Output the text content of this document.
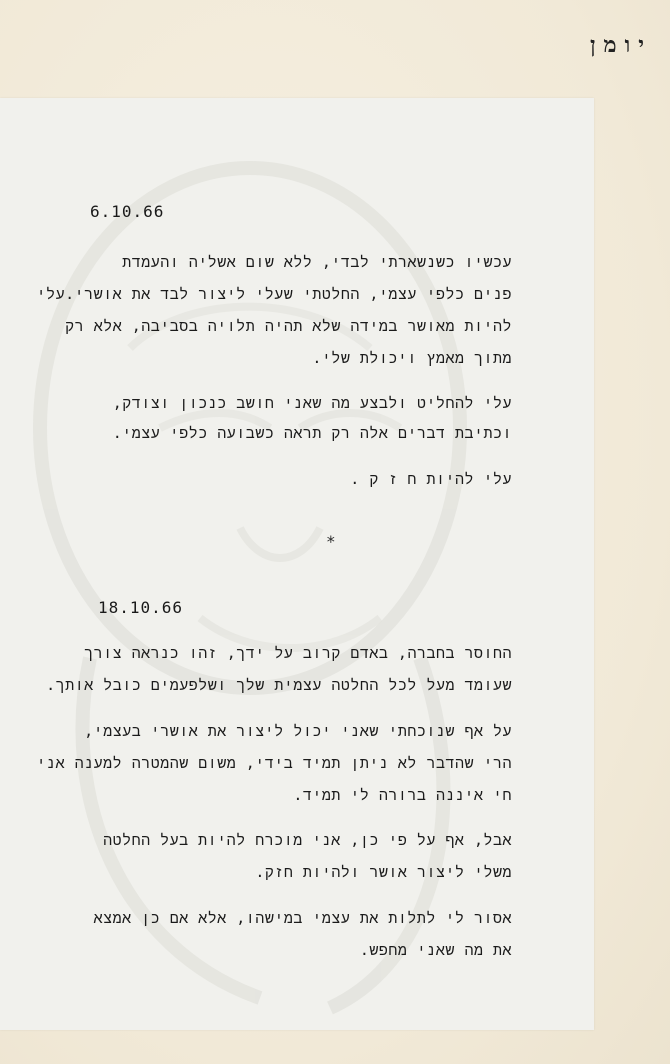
יומן
6.10.66
עכשיו כשנשארתי לבדי, ללא שום אשליה והעמדת
פנים כלפי עצמי, החלטתי שעלי ליצור לבד את אושרי.עלי
להיות מאושר במידה שלא תהיה תלויה בסביבה, אלא רק
מתוך מאמץ ויכולת שלי.
עלי להחליט ולבצע מה שאני חושב כנכון וצודק,
וכתיבת דברים אלה רק תראה כשבועה כלפי עצמי.
עלי להיות ח ז ק .
*
18.10.66
החוסר בחברה, באדם קרוב על ידך, זהו כנראה צורך
שעומד מעל לכל החלטה עצמית שלך ושלפעמים כובל אותך.
על אף שנוכחתי שאני יכול ליצור את אושרי בעצמי,
הרי שהדבר לא ניתן תמיד בידי, משום שהמטרה למענה אני
חי איננה ברורה לי תמיד.
אבל, אף על פי כן, אני מוכרח להיות בעל החלטה
משלי ליצור אושר ולהיות חזק.
אסור לי לתלות את עצמי במישהו, אלא אם כן אמצא
את מה שאני מחפש.
